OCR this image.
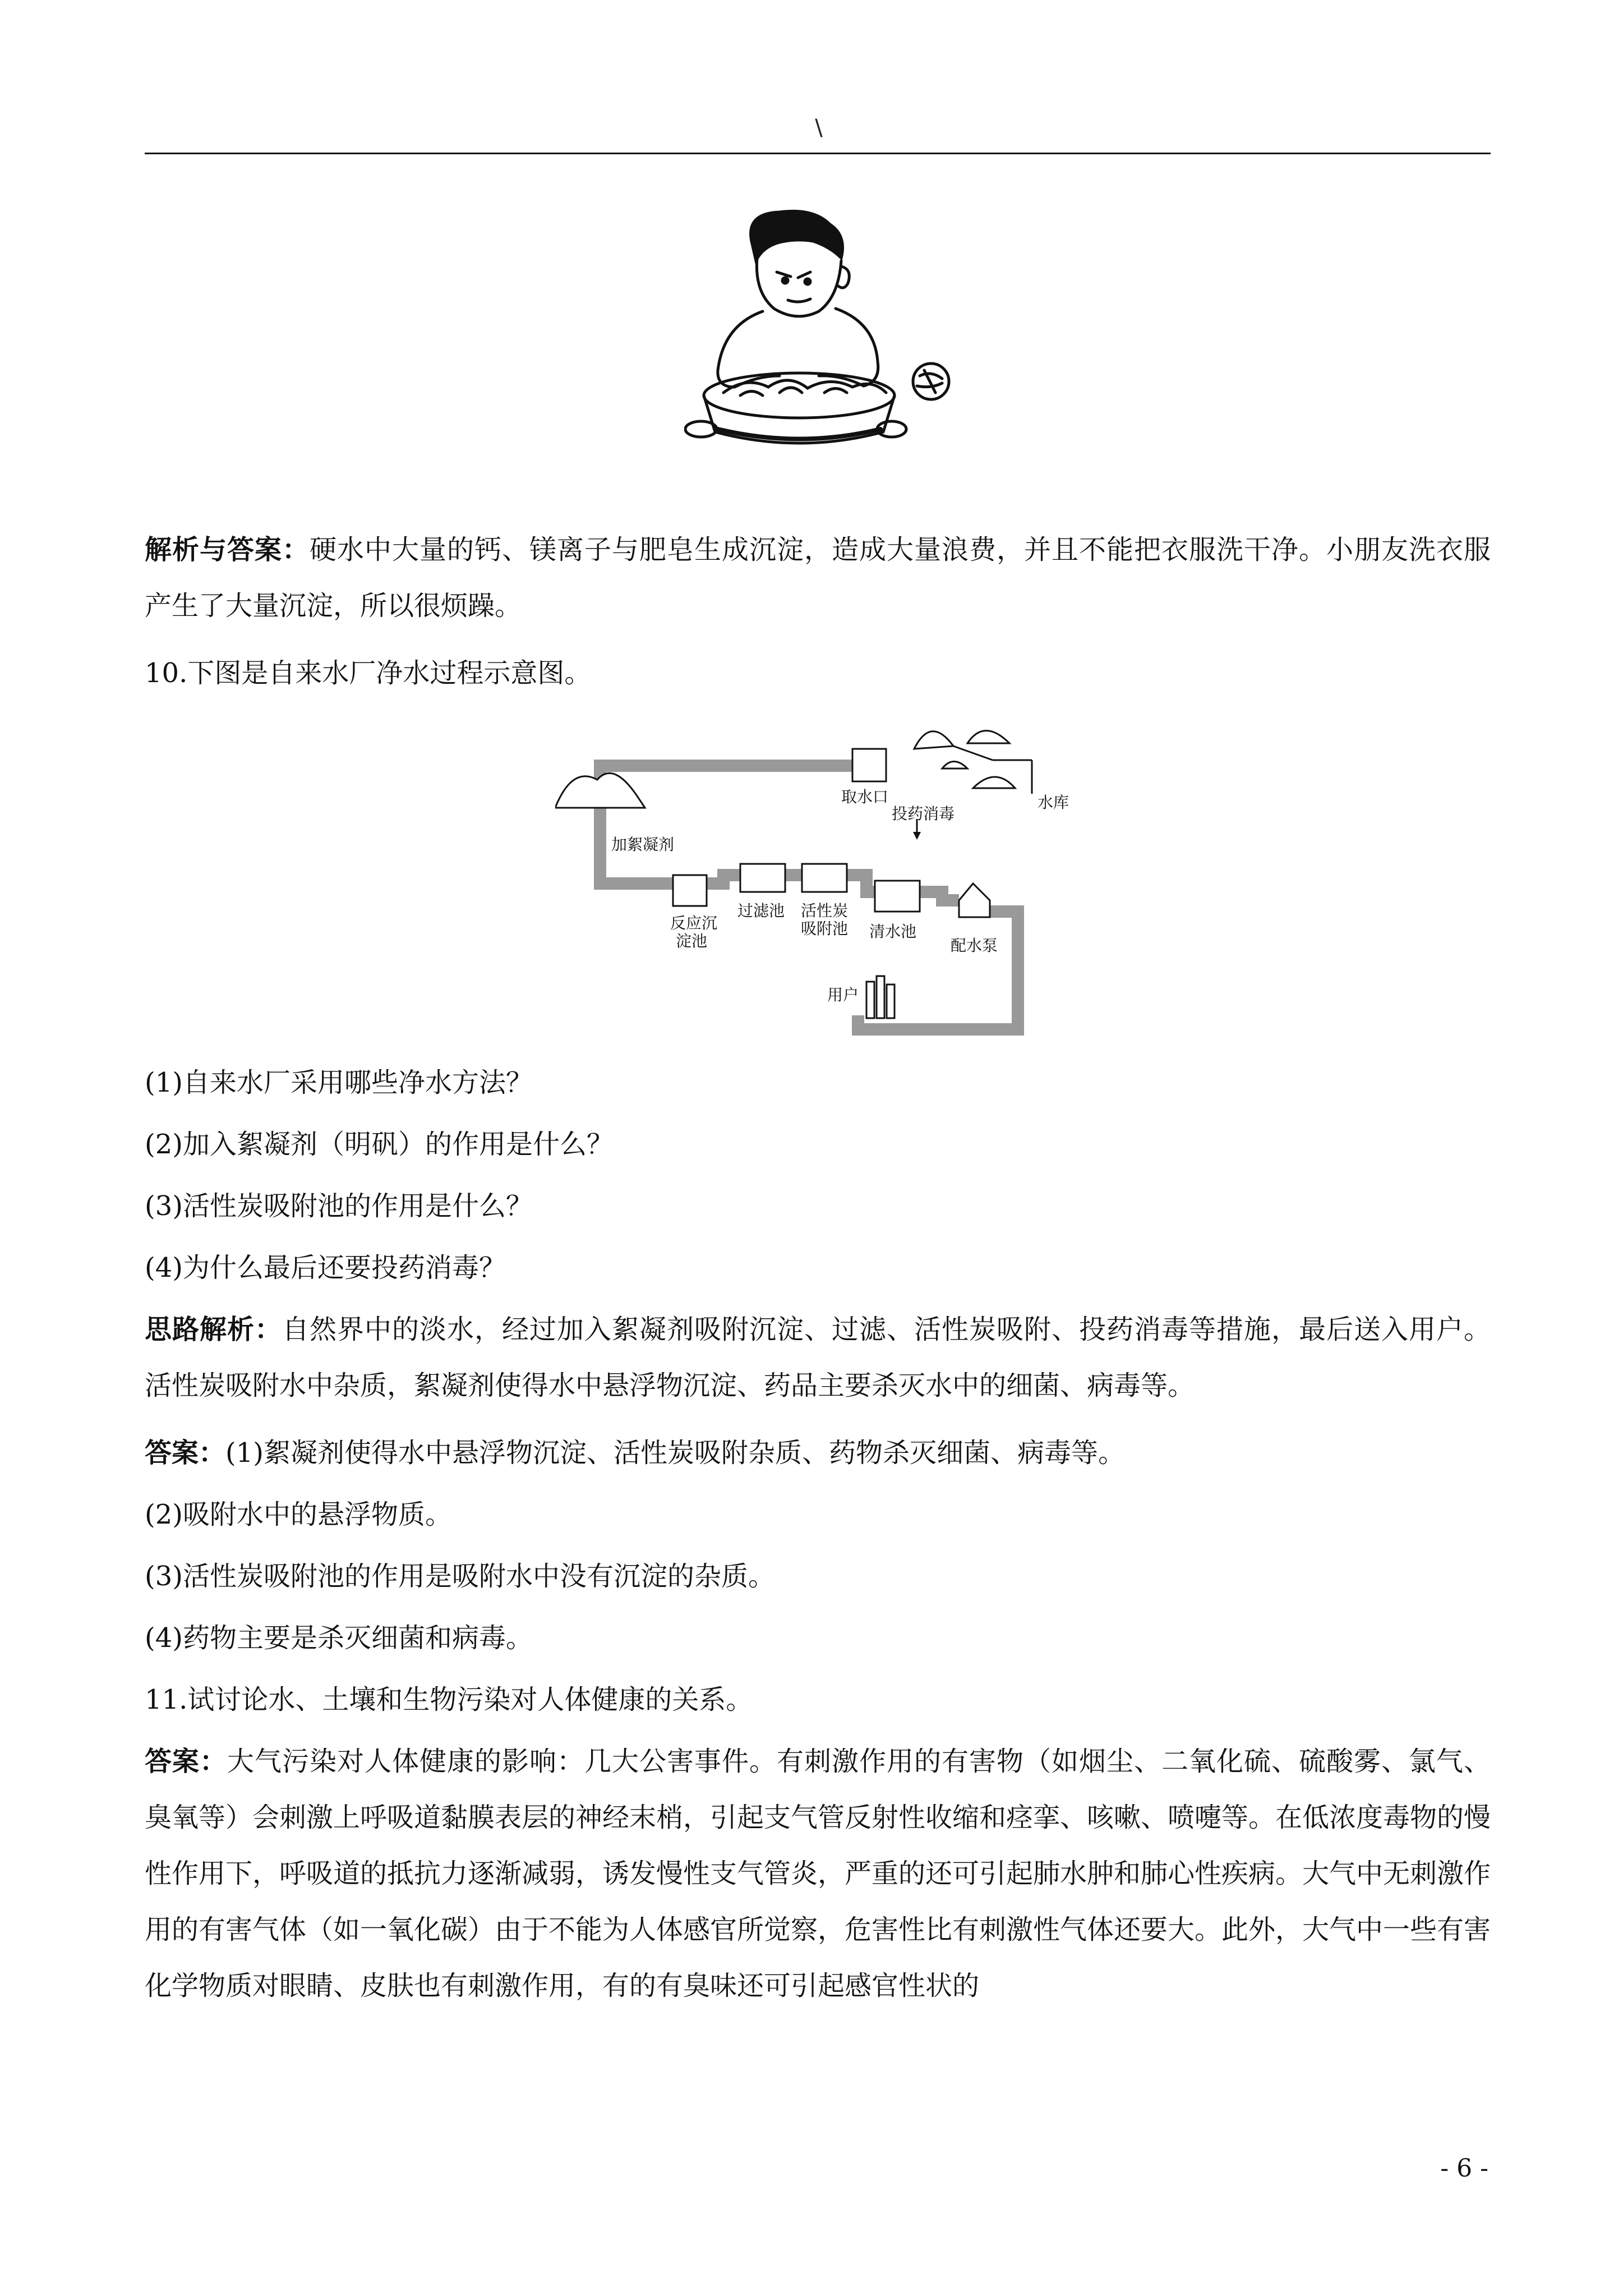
\

解析与答案：硬水中大量的钙、镁离子与肥皂生成沉淀，造成大量浪费，并且不能把衣服洗干净。小朋友洗衣服产生了大量沉淀，所以很烦躁。

10.下图是自来水厂净水过程示意图。

加絮凝剂
取水口	水库
投药消毒
反应沉
淀池
过滤池 活性炭
吸附池 清水池
配水泵
用户

(1)自来水厂采用哪些净水方法？

(2)加入絮凝剂（明矾）的作用是什么？

(3)活性炭吸附池的作用是什么？

(4)为什么最后还要投药消毒？

思路解析：自然界中的淡水，经过加入絮凝剂吸附沉淀、过滤、活性炭吸附、投药消毒等措施，最后送入用户。活性炭吸附水中杂质，絮凝剂使得水中悬浮物沉淀、药品主要杀灭水中的细菌、病毒等。

答案：(1)絮凝剂使得水中悬浮物沉淀、活性炭吸附杂质、药物杀灭细菌、病毒等。

(2)吸附水中的悬浮物质。

(3)活性炭吸附池的作用是吸附水中没有沉淀的杂质。

(4)药物主要是杀灭细菌和病毒。

11.试讨论水、土壤和生物污染对人体健康的关系。

答案：大气污染对人体健康的影响：几大公害事件。有刺激作用的有害物（如烟尘、二氧化硫、硫酸雾、氯气、臭氧等）会刺激上呼吸道黏膜表层的神经末梢，引起支气管反射性收缩和痉挛、咳嗽、喷嚏等。在低浓度毒物的慢性作用下，呼吸道的抵抗力逐渐减弱，诱发慢性支气管炎，严重的还可引起肺水肿和肺心性疾病。大气中无刺激作用的有害气体（如一氧化碳）由于不能为人体感官所觉察，危害性比有刺激性气体还要大。此外，大气中一些有害化学物质对眼睛、皮肤也有刺激作用，有的有臭味还可引起感官性状的

- 6 -
